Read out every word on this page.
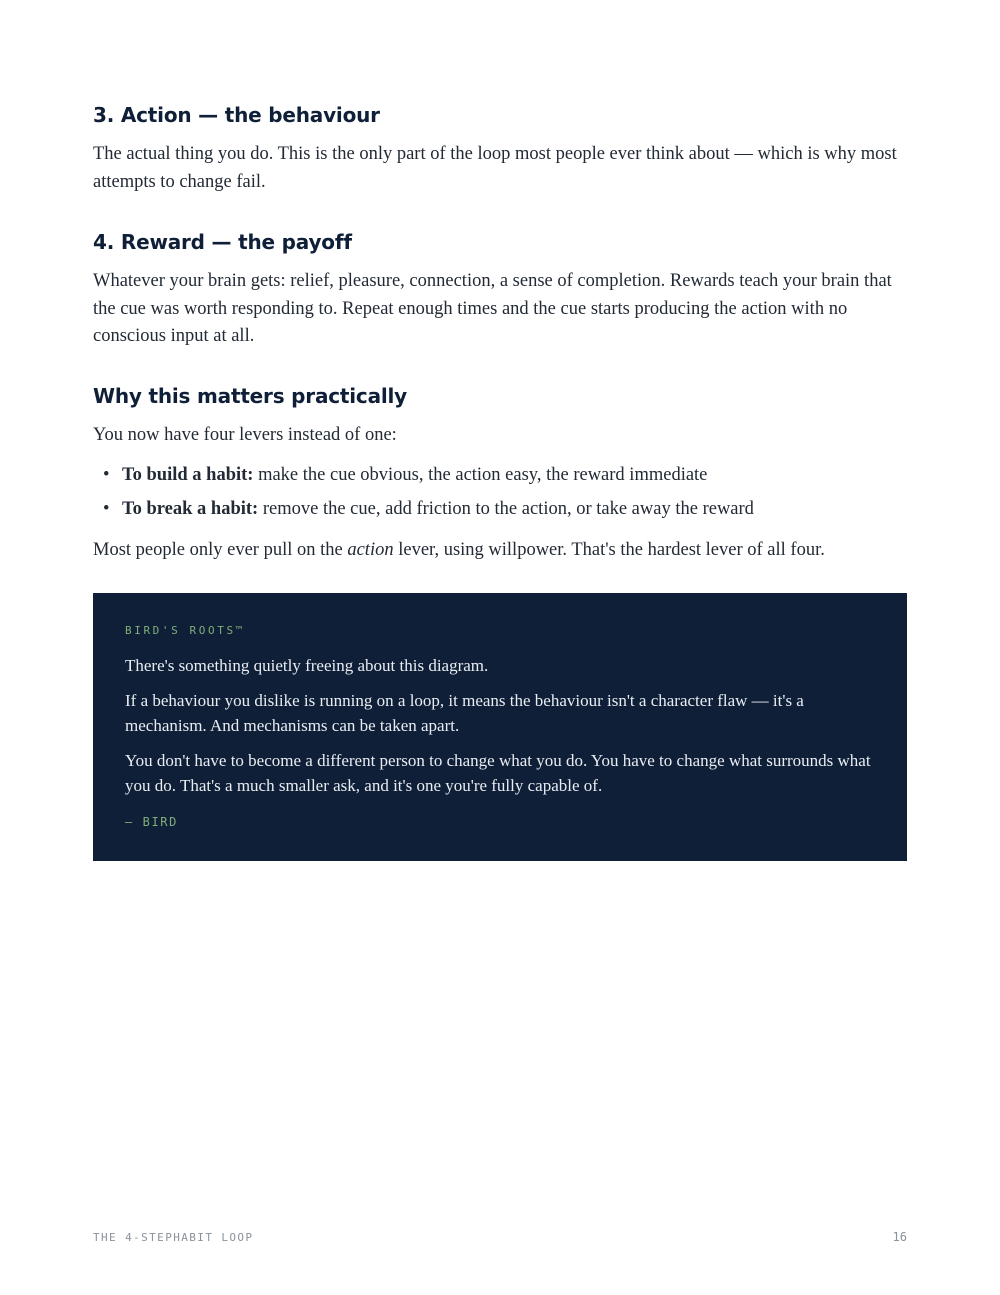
3. Action — the behaviour

The actual thing you do. This is the only part of the loop most people ever think about — which is why most attempts to change fail.

4. Reward — the payoff

Whatever your brain gets: relief, pleasure, connection, a sense of completion. Rewards teach your brain that the cue was worth responding to. Repeat enough times and the cue starts producing the action with no conscious input at all.

Why this matters practically

You now have four levers instead of one:

• To build a habit: make the cue obvious, the action easy, the reward immediate
• To break a habit: remove the cue, add friction to the action, or take away the reward

Most people only ever pull on the action lever, using willpower. That's the hardest lever of all four.

BIRD'S ROOTS™

There's something quietly freeing about this diagram.

If a behaviour you dislike is running on a loop, it means the behaviour isn't a character flaw — it's a mechanism. And mechanisms can be taken apart.

You don't have to become a different person to change what you do. You have to change what surrounds what you do. That's a much smaller ask, and it's one you're fully capable of.

— BIRD
THE 4-STEPHABIT LOOP	16
